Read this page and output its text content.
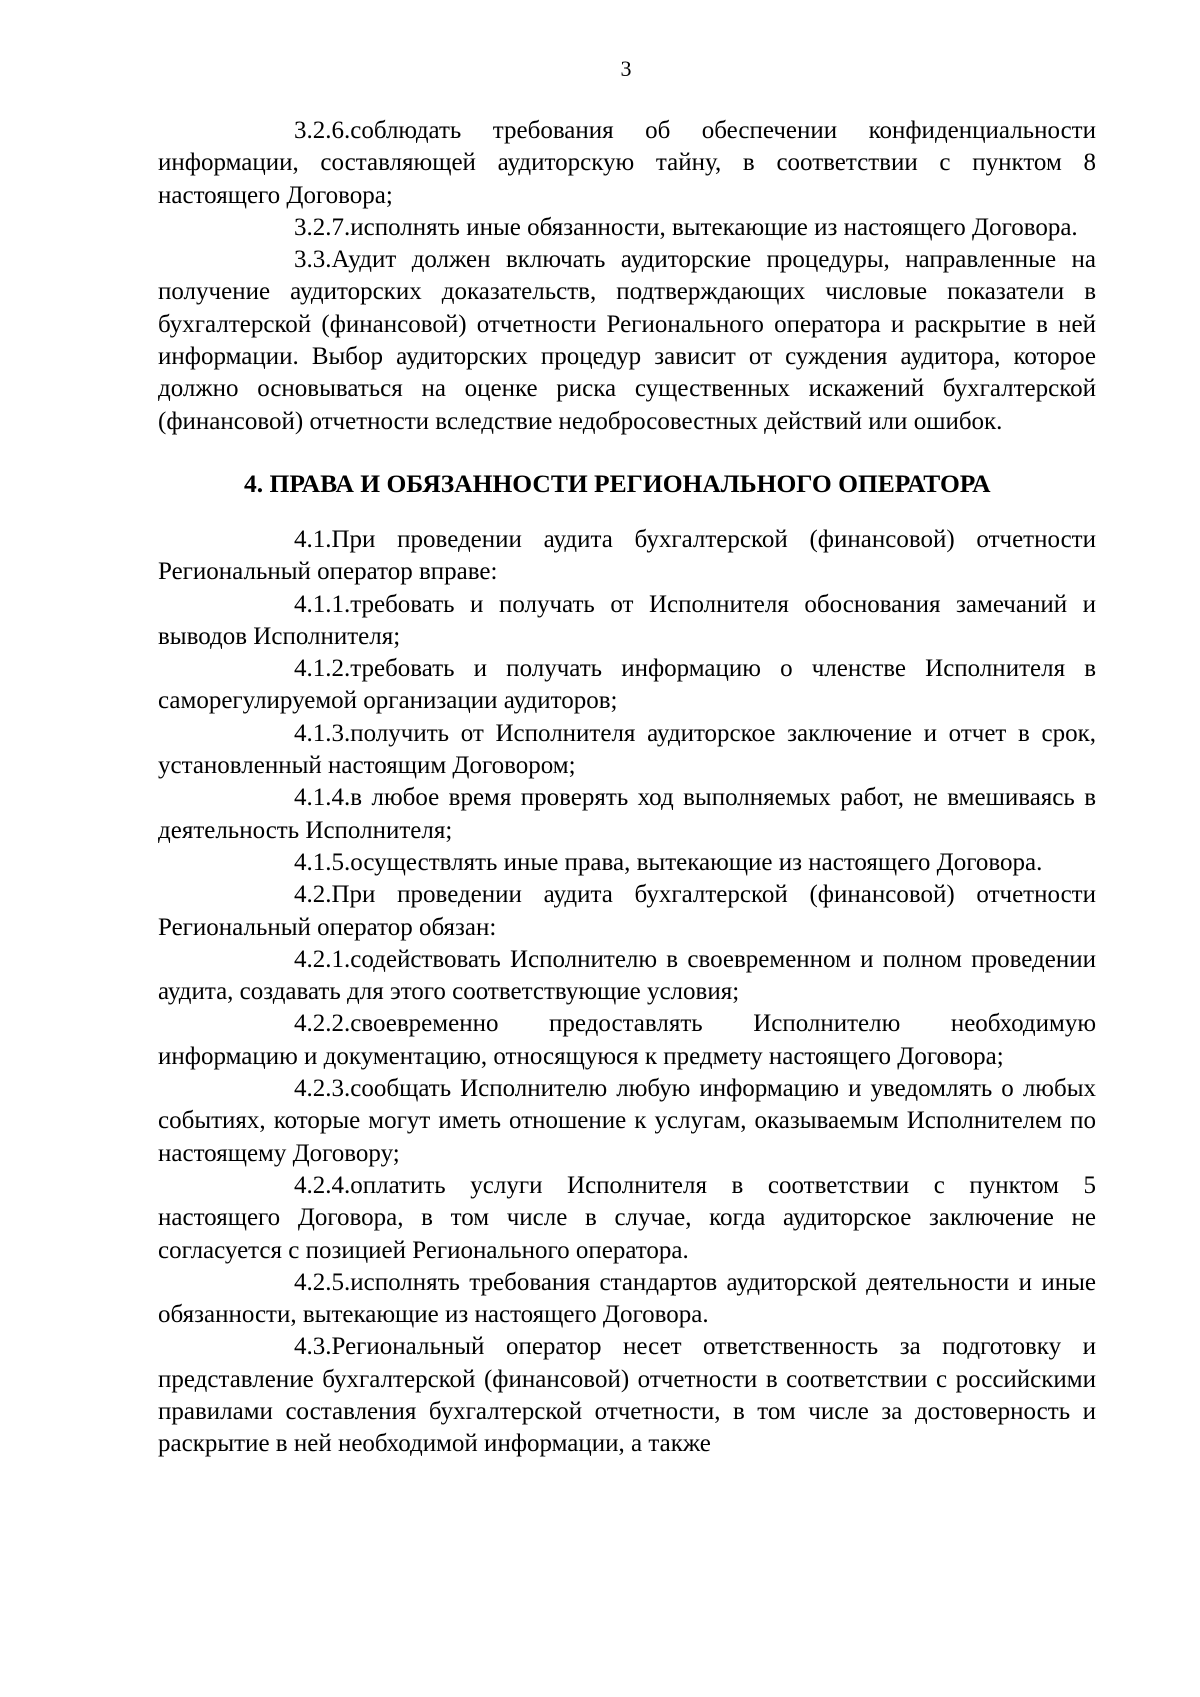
3

3.2.6.соблюдать требования об обеспечении конфиденциальности информации, составляющей аудиторскую тайну, в соответствии с пунктом 8 настоящего Договора;

3.2.7.исполнять иные обязанности, вытекающие из настоящего Договора.

3.3.Аудит должен включать аудиторские процедуры, направленные на получение аудиторских доказательств, подтверждающих числовые показатели в бухгалтерской (финансовой) отчетности Регионального оператора и раскрытие в ней информации. Выбор аудиторских процедур зависит от суждения аудитора, которое должно основываться на оценке риска существенных искажений бухгалтерской (финансовой) отчетности вследствие недобросовестных действий или ошибок.

4. ПРАВА И ОБЯЗАННОСТИ РЕГИОНАЛЬНОГО ОПЕРАТОРА

4.1.При проведении аудита бухгалтерской (финансовой) отчетности Региональный оператор вправе:

4.1.1.требовать и получать от Исполнителя обоснования замечаний и выводов Исполнителя;

4.1.2.требовать и получать информацию о членстве Исполнителя в саморегулируемой организации аудиторов;

4.1.3.получить от Исполнителя аудиторское заключение и отчет в срок, установленный настоящим Договором;

4.1.4.в любое время проверять ход выполняемых работ, не вмешиваясь в деятельность Исполнителя;

4.1.5.осуществлять иные права, вытекающие из настоящего Договора.

4.2.При проведении аудита бухгалтерской (финансовой) отчетности Региональный оператор обязан:

4.2.1.содействовать Исполнителю в своевременном и полном проведении аудита, создавать для этого соответствующие условия;

4.2.2.своевременно предоставлять Исполнителю необходимую информацию и документацию, относящуюся к предмету настоящего Договора;

4.2.3.сообщать Исполнителю любую информацию и уведомлять о любых событиях, которые могут иметь отношение к услугам, оказываемым Исполнителем по настоящему Договору;

4.2.4.оплатить услуги Исполнителя в соответствии с пунктом 5 настоящего Договора, в том числе в случае, когда аудиторское заключение не согласуется с позицией Регионального оператора.

4.2.5.исполнять требования стандартов аудиторской деятельности и иные обязанности, вытекающие из настоящего Договора.

4.3.Региональный оператор несет ответственность за подготовку и представление бухгалтерской (финансовой) отчетности в соответствии с российскими правилами составления бухгалтерской отчетности, в том числе за достоверность и раскрытие в ней необходимой информации, а также
